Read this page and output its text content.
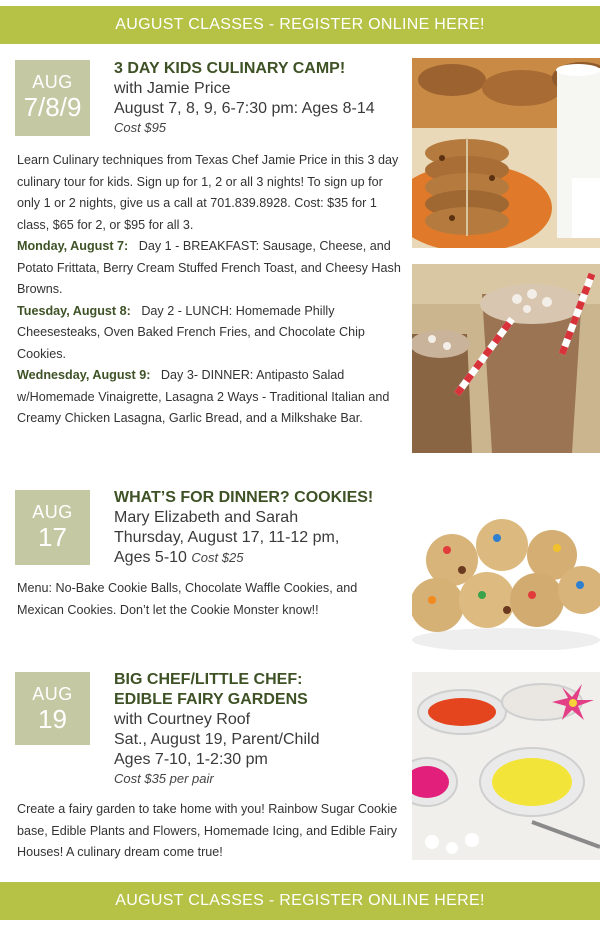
AUGUST CLASSES - REGISTER ONLINE HERE!
AUG
7/8/9
3 DAY KIDS CULINARY CAMP!
with Jamie Price
August 7, 8, 9, 6-7:30 pm: Ages 8-14
Cost $95

Learn Culinary techniques from Texas Chef Jamie Price in this 3 day culinary tour for kids. Sign up for 1, 2 or all 3 nights! To sign up for only 1 or 2 nights, give us a call at 701.839.8928. Cost: $35 for 1 class, $65 for 2, or $95 for all 3.

Monday, August 7: Day 1 - BREAKFAST: Sausage, Cheese, and Potato Frittata, Berry Cream Stuffed French Toast, and Cheesy Hash Browns.

Tuesday, August 8: Day 2 - LUNCH: Homemade Philly Cheesesteaks, Oven Baked French Fries, and Chocolate Chip Cookies.

Wednesday, August 9: Day 3- DINNER: Antipasto Salad w/Homemade Vinaigrette, Lasagna 2 Ways - Traditional Italian and Creamy Chicken Lasagna, Garlic Bread, and a Milkshake Bar.

AUG
17
WHAT’S FOR DINNER? COOKIES!
Mary Elizabeth and Sarah
Thursday, August 17, 11-12 pm,
Ages 5-10 Cost $25

Menu: No-Bake Cookie Balls, Chocolate Waffle Cookies, and Mexican Cookies. Don’t let the Cookie Monster know!!

AUG
19
BIG CHEF/LITTLE CHEF:
EDIBLE FAIRY GARDENS
with Courtney Roof
Sat., August 19, Parent/Child
Ages 7-10, 1-2:30 pm
Cost $35 per pair

Create a fairy garden to take home with you! Rainbow Sugar Cookie base, Edible Plants and Flowers, Homemade Icing, and Edible Fairy Houses! A culinary dream come true!

AUGUST CLASSES - REGISTER ONLINE HERE!
